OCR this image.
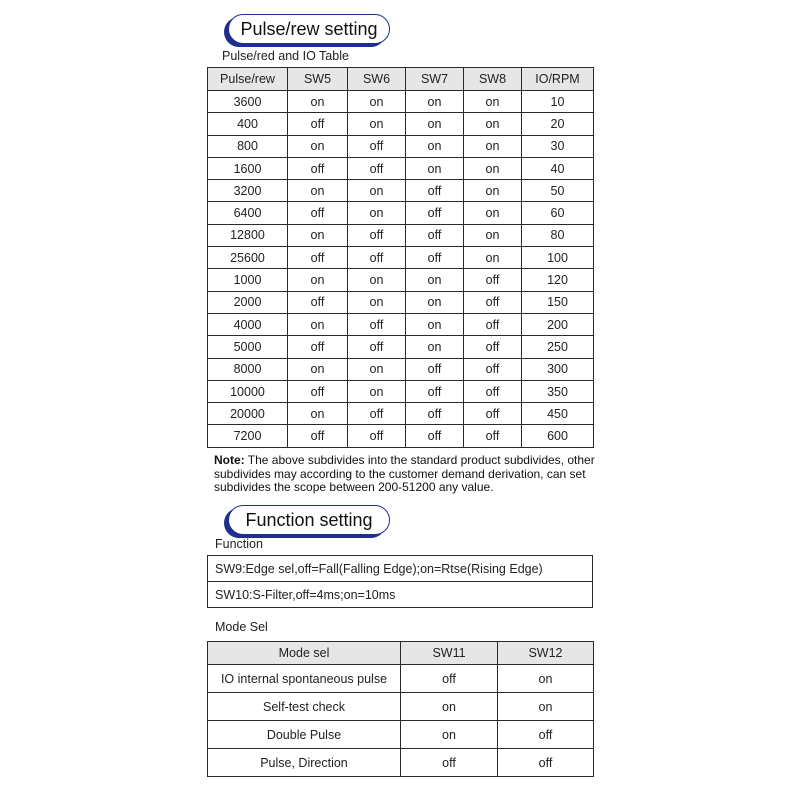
Pulse/rew setting
Pulse/red and IO Table
Pulse/rew	SW5	SW6	SW7	SW8	IO/RPM
3600	on	on	on	on	10
400	off	on	on	on	20
800	on	off	on	on	30
1600	off	off	on	on	40
3200	on	on	off	on	50
6400	off	on	off	on	60
12800	on	off	off	on	80
25600	off	off	off	on	100
1000	on	on	on	off	120
2000	off	on	on	off	150
4000	on	off	on	off	200
5000	off	off	on	off	250
8000	on	on	off	off	300
10000	off	on	off	off	350
20000	on	off	off	off	450
7200	off	off	off	off	600
Note: The above subdivides into the standard product subdivides, other subdivides may according to the customer demand derivation, can set subdivides the scope between 200-51200 any value.
Function setting
Function
SW9:Edge sel,off=Fall(Falling Edge);on=Rtse(Rising Edge)
SW10:S-Filter,off=4ms;on=10ms
Mode Sel
Mode sel	SW11	SW12
IO internal spontaneous pulse	off	on
Self-test check	on	on
Double Pulse	on	off
Pulse, Direction	off	off
